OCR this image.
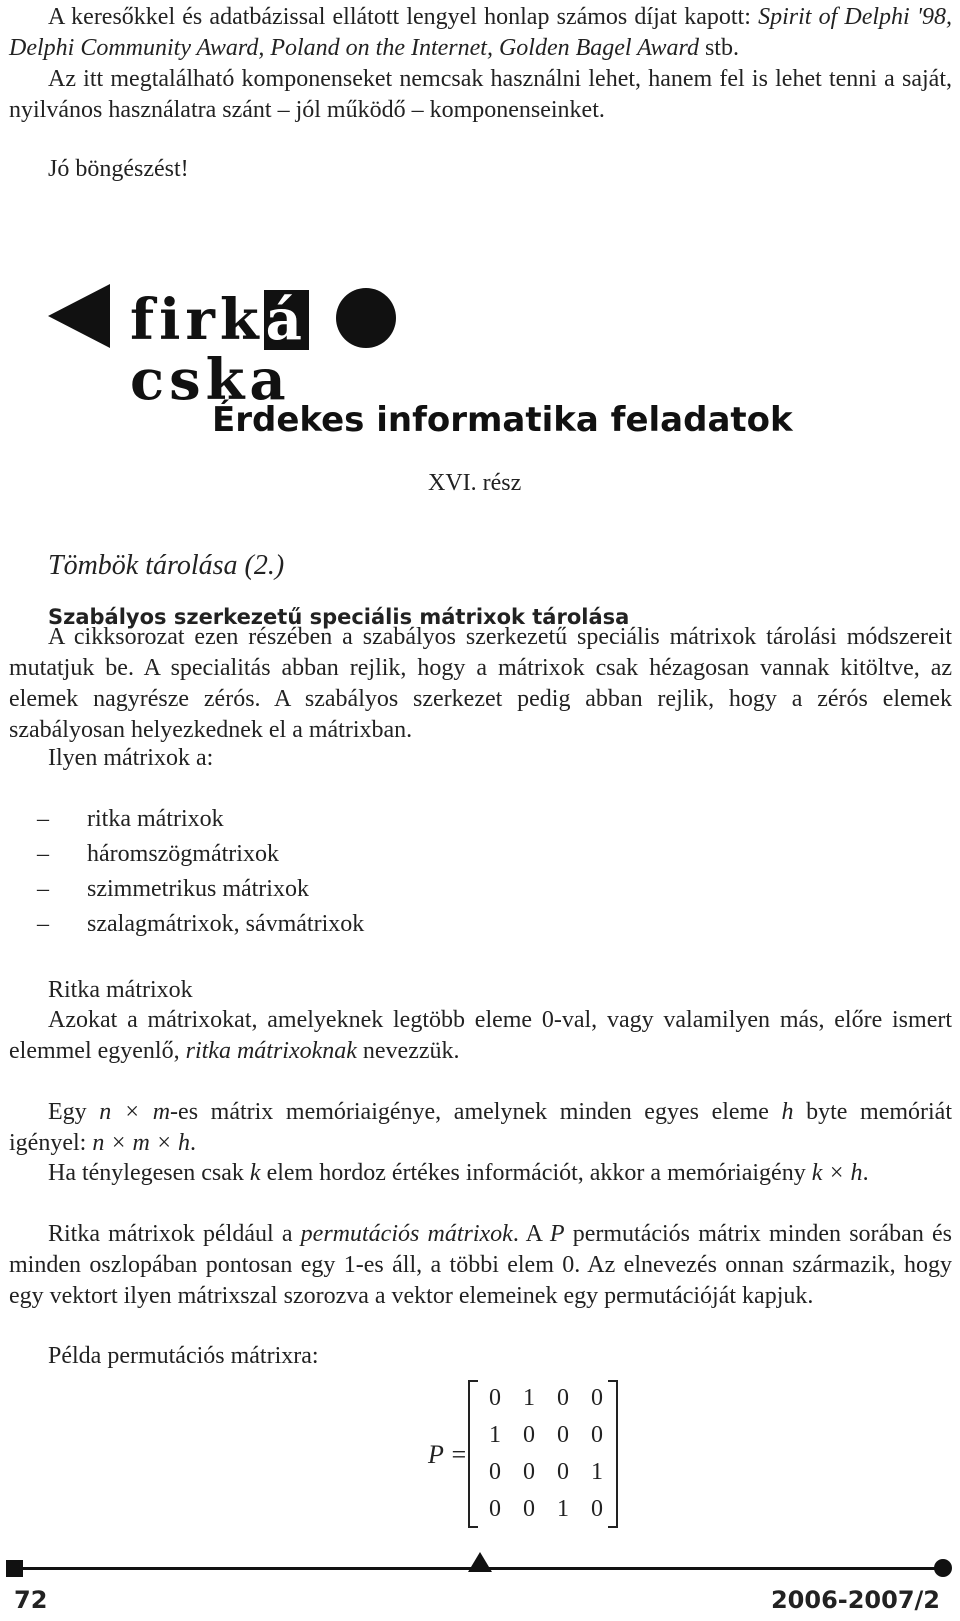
A keresőkkel és adatbázissal ellátott lengyel honlap számos díjat kapott: Spirit of Delphi '98, Delphi Community Award, Poland on the Internet, Golden Bagel Award stb.
Az itt megtalálható komponenseket nemcsak használni lehet, hanem fel is lehet tenni a saját, nyilvános használatra szánt – jól működő – komponenseinket.
Jó böngészést!
firkácska
Érdekes informatika feladatok
XVI. rész
Tömbök tárolása (2.)
Szabályos szerkezetű speciális mátrixok tárolása
A cikksorozat ezen részében a szabályos szerkezetű speciális mátrixok tárolási módszereit mutatjuk be. A specialitás abban rejlik, hogy a mátrixok csak hézagosan vannak kitöltve, az elemek nagyrésze zérós. A szabályos szerkezet pedig abban rejlik, hogy a zérós elemek szabályosan helyezkednek el a mátrixban.
Ilyen mátrixok a:
– ritka mátrixok
– háromszögmátrixok
– szimmetrikus mátrixok
– szalagmátrixok, sávmátrixok
Ritka mátrixok
Azokat a mátrixokat, amelyeknek legtöbb eleme 0-val, vagy valamilyen más, előre ismert elemmel egyenlő, ritka mátrixoknak nevezzük.
Egy n × m-es mátrix memóriaigénye, amelynek minden egyes eleme h byte memóriát igényel: n × m × h.
Ha ténylegesen csak k elem hordoz értékes információt, akkor a memóriaigény k × h.
Ritka mátrixok például a permutációs mátrixok. A P permutációs mátrix minden sorában és minden oszlopában pontosan egy 1-es áll, a többi elem 0. Az elnevezés onnan származik, hogy egy vektort ilyen mátrixszal szorozva a vektor elemeinek egy permutációját kapjuk.
Példa permutációs mátrixra:
P =
0 1 0 0
1 0 0 0
0 0 0 1
0 0 1 0
72	2006-2007/2
